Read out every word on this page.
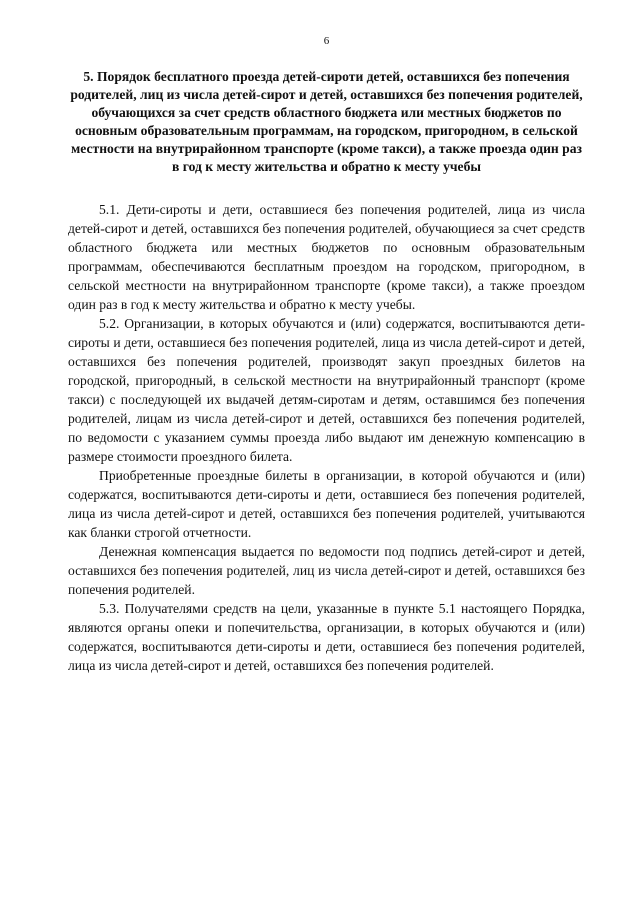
6
5. Порядок бесплатного проезда детей-сироти детей, оставшихся без попечения родителей, лиц из числа детей-сирот и детей, оставшихся без попечения родителей, обучающихся за счет средств областного бюджета или местных бюджетов по основным образовательным программам, на городском, пригородном, в сельской местности на внутрирайонном транспорте (кроме такси), а также проезда один раз в год к месту жительства и обратно к месту учебы

5.1. Дети-сироты и дети, оставшиеся без попечения родителей, лица из числа детей-сирот и детей, оставшихся без попечения родителей, обучающиеся за счет средств областного бюджета или местных бюджетов по основным образовательным программам, обеспечиваются бесплатным проездом на городском, пригородном, в сельской местности на внутрирайонном транспорте (кроме такси), а также проездом один раз в год к месту жительства и обратно к месту учебы.

5.2. Организации, в которых обучаются и (или) содержатся, воспитываются дети-сироты и дети, оставшиеся без попечения родителей, лица из числа детей-сирот и детей, оставшихся без попечения родителей, производят закуп проездных билетов на городской, пригородный, в сельской местности на внутрирайонный транспорт (кроме такси) с последующей их выдачей детям-сиротам и детям, оставшимся без попечения родителей, лицам из числа детей-сирот и детей, оставшихся без попечения родителей, по ведомости с указанием суммы проезда либо выдают им денежную компенсацию в размере стоимости проездного билета.

Приобретенные проездные билеты в организации, в которой обучаются и (или) содержатся, воспитываются дети-сироты и дети, оставшиеся без попечения родителей, лица из числа детей-сирот и детей, оставшихся без попечения родителей, учитываются как бланки строгой отчетности.

Денежная компенсация выдается по ведомости под подпись детей-сирот и детей, оставшихся без попечения родителей, лиц из числа детей-сирот и детей, оставшихся без попечения родителей.

5.3. Получателями средств на цели, указанные в пункте 5.1 настоящего Порядка, являются органы опеки и попечительства, организации, в которых обучаются и (или) содержатся, воспитываются дети-сироты и дети, оставшиеся без попечения родителей, лица из числа детей-сирот и детей, оставшихся без попечения родителей.
